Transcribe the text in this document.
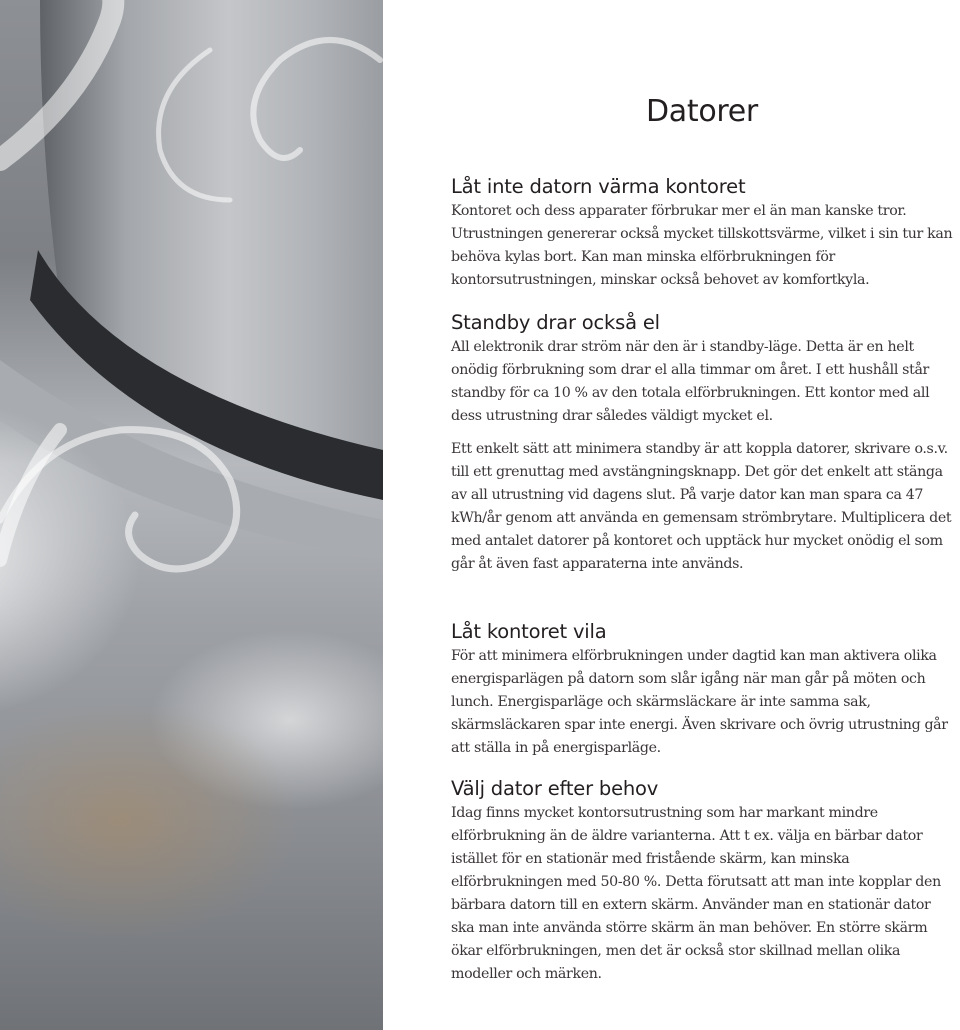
Datorer
Låt inte datorn värma kontoret

Kontoret och dess apparater förbrukar mer el än man kanske tror. Utrustningen genererar också mycket tillskottsvärme, vilket i sin tur kan behöva kylas bort. Kan man minska elförbrukningen för kontorsutrustningen, minskar också behovet av komfortkyla.

Standby drar också el

All elektronik drar ström när den är i standby-läge. Detta är en helt onödig förbrukning som drar el alla timmar om året. I ett hushåll står standby för ca 10 % av den totala elförbrukningen. Ett kontor med all dess utrustning drar således väldigt mycket el.

Ett enkelt sätt att minimera standby är att koppla datorer, skrivare o.s.v. till ett grenuttag med avstängningsknapp. Det gör det enkelt att stänga av all utrustning vid dagens slut. På varje dator kan man spara ca 47 kWh/år genom att använda en gemensam strömbrytare. Multiplicera det med antalet datorer på kontoret och upptäck hur mycket onödig el som går åt även fast apparaterna inte används.

Låt kontoret vila

För att minimera elförbrukningen under dagtid kan man aktivera olika energisparlägen på datorn som slår igång när man går på möten och lunch. Energisparläge och skärmsläckare är inte samma sak, skärmsläckaren spar inte energi. Även skrivare och övrig utrustning går att ställa in på energisparläge.

Välj dator efter behov

Idag finns mycket kontorsutrustning som har markant mindre elförbrukning än de äldre varianterna. Att t ex. välja en bärbar dator istället för en stationär med fristående skärm, kan minska elförbrukningen med 50-80 %. Detta förutsatt att man inte kopplar den bärbara datorn till en extern skärm. Använder man en stationär dator ska man inte använda större skärm än man behöver. En större skärm ökar elförbrukningen, men det är också stor skillnad mellan olika modeller och märken.
